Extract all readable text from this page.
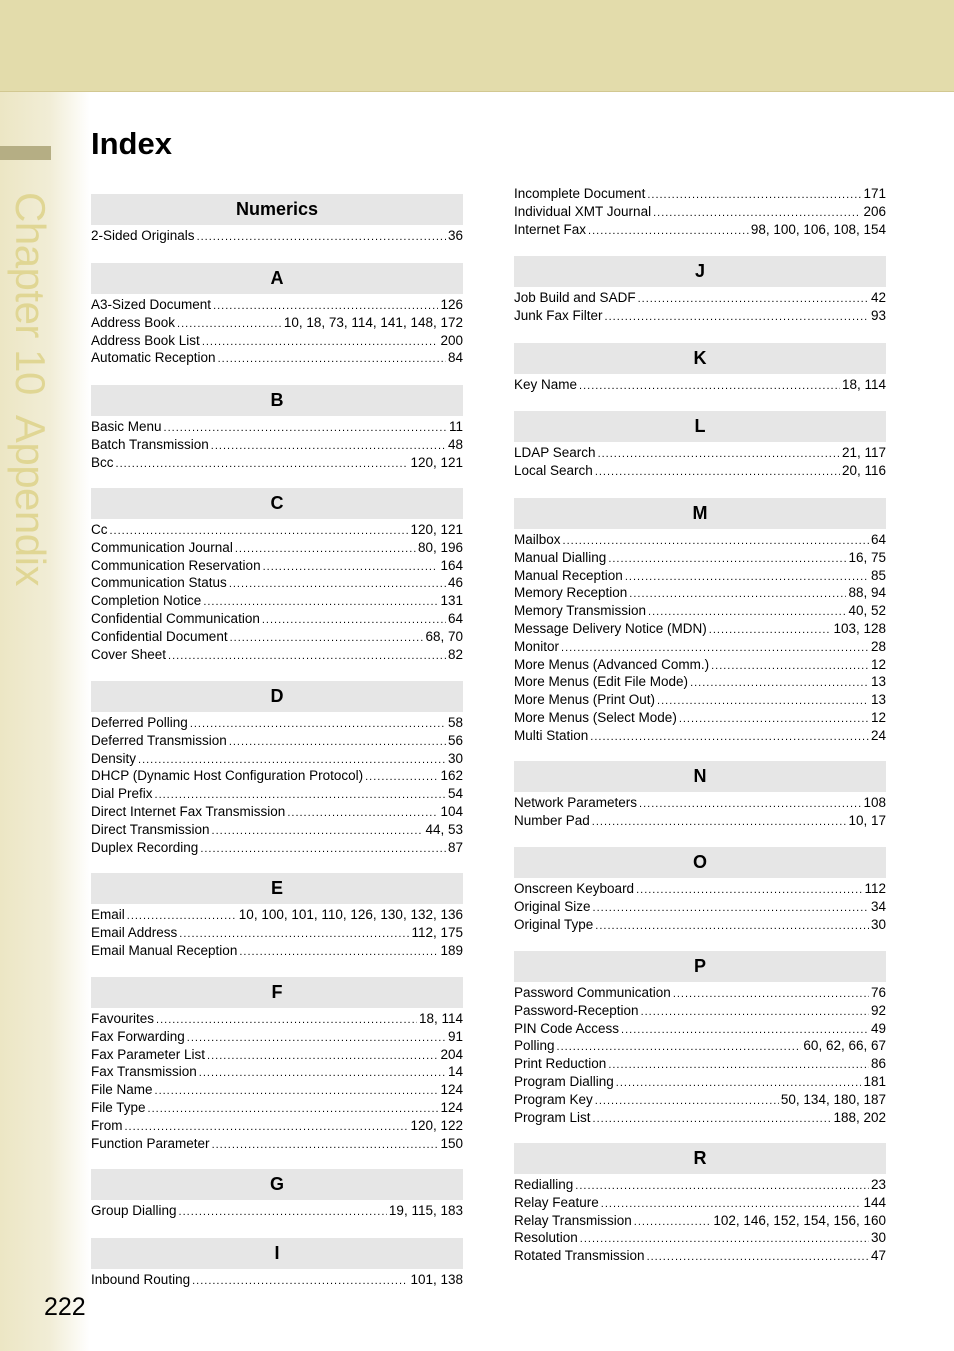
Chapter 10  Appendix
Index
Numerics
2-Sided Originals .....	36
A
A3-Sized Document .....	126
Address Book .....	10, 18, 73, 114, 141, 148, 172
Address Book List .....	200
Automatic Reception .....	84
B
Basic Menu .....	11
Batch Transmission .....	48
Bcc .....	120, 121
C
Cc .....	120, 121
Communication Journal .....	80, 196
Communication Reservation .....	164
Communication Status .....	46
Completion Notice .....	131
Confidential Communication .....	64
Confidential Document .....	68, 70
Cover Sheet .....	82
D
Deferred Polling .....	58
Deferred Transmission .....	56
Density .....	30
DHCP (Dynamic Host Configuration Protocol) .....	162
Dial Prefix .....	54
Direct Internet Fax Transmission .....	104
Direct Transmission .....	44, 53
Duplex Recording .....	87
E
Email .....	10, 100, 101, 110, 126, 130, 132, 136
Email Address .....	112, 175
Email Manual Reception .....	189
F
Favourites .....	18, 114
Fax Forwarding .....	91
Fax Parameter List .....	204
Fax Transmission .....	14
File Name .....	124
File Type .....	124
From .....	120, 122
Function Parameter .....	150
G
Group Dialling .....	19, 115, 183
I
Inbound Routing .....	101, 138
Incomplete Document .....	171
Individual XMT Journal .....	206
Internet Fax .....	98, 100, 106, 108, 154
J
Job Build and SADF .....	42
Junk Fax Filter .....	93
K
Key Name .....	18, 114
L
LDAP Search .....	21, 117
Local Search .....	20, 116
M
Mailbox .....	64
Manual Dialling .....	16, 75
Manual Reception .....	85
Memory Reception .....	88, 94
Memory Transmission .....	40, 52
Message Delivery Notice (MDN) .....	103, 128
Monitor .....	28
More Menus (Advanced Comm.) .....	12
More Menus (Edit File Mode) .....	13
More Menus (Print Out) .....	13
More Menus (Select Mode) .....	12
Multi Station .....	24
N
Network Parameters .....	108
Number Pad .....	10, 17
O
Onscreen Keyboard .....	112
Original Size .....	34
Original Type .....	30
P
Password Communication .....	76
Password-Reception .....	92
PIN Code Access .....	49
Polling .....	60, 62, 66, 67
Print Reduction .....	86
Program Dialling .....	181
Program Key .....	50, 134, 180, 187
Program List .....	188, 202
R
Redialling .....	23
Relay Feature .....	144
Relay Transmission .....	102, 146, 152, 154, 156, 160
Resolution .....	30
Rotated Transmission .....	47
222
